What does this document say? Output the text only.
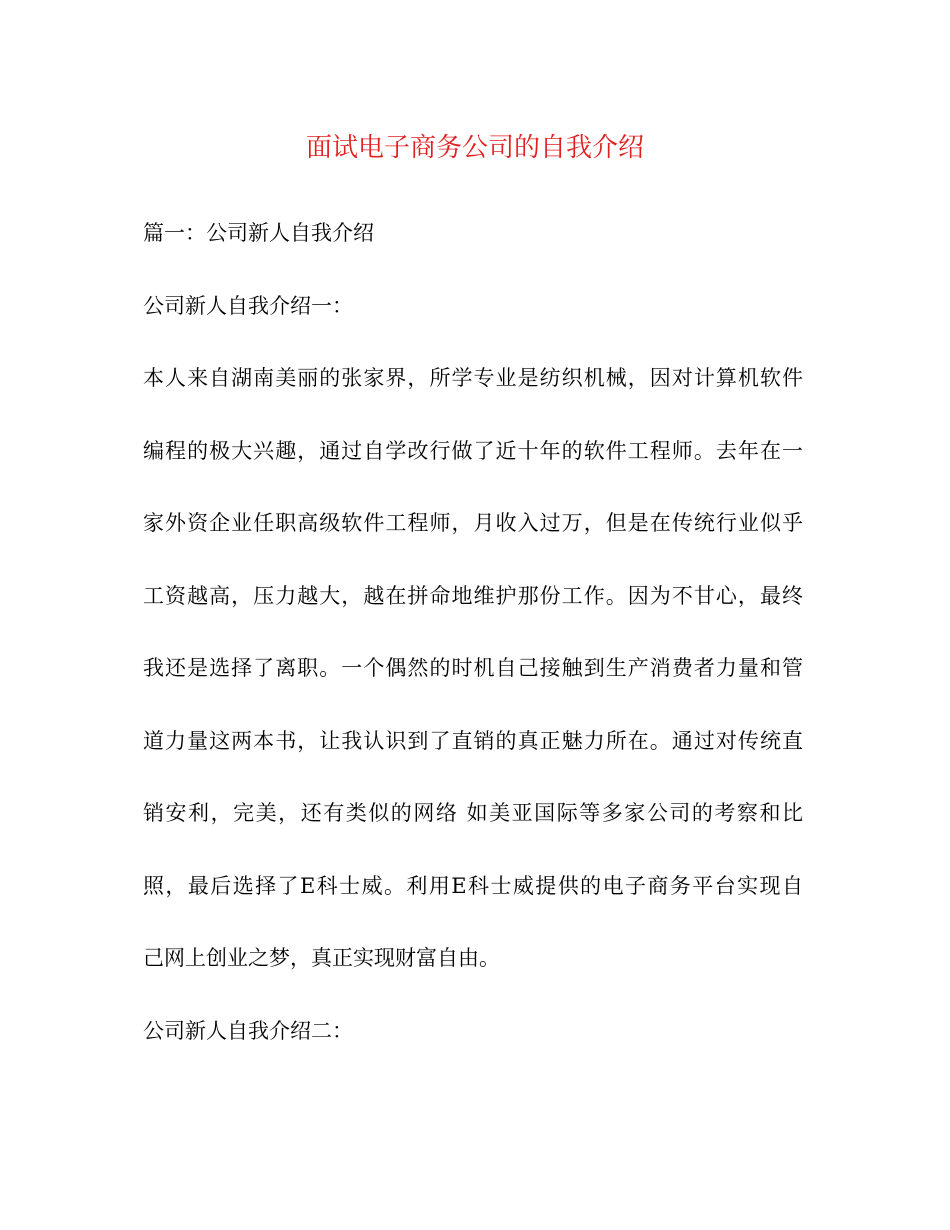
面试电子商务公司的自我介绍

篇一：公司新人自我介绍

公司新人自我介绍一：

本人来自湖南美丽的张家界，所学专业是纺织机械，因对计算机软件

编程的极大兴趣，通过自学改行做了近十年的软件工程师。去年在一

家外资企业任职高级软件工程师，月收入过万，但是在传统行业似乎

工资越高，压力越大，越在拼命地维护那份工作。因为不甘心，最终

我还是选择了离职。一个偶然的时机自己接触到生产消费者力量和管

道力量这两本书，让我认识到了直销的真正魅力所在。通过对传统直

销安利，完美，还有类似的网络 如美亚国际等多家公司的考察和比

照，最后选择了E科士威。利用E科士威提供的电子商务平台实现自

己网上创业之梦，真正实现财富自由。

公司新人自我介绍二：
